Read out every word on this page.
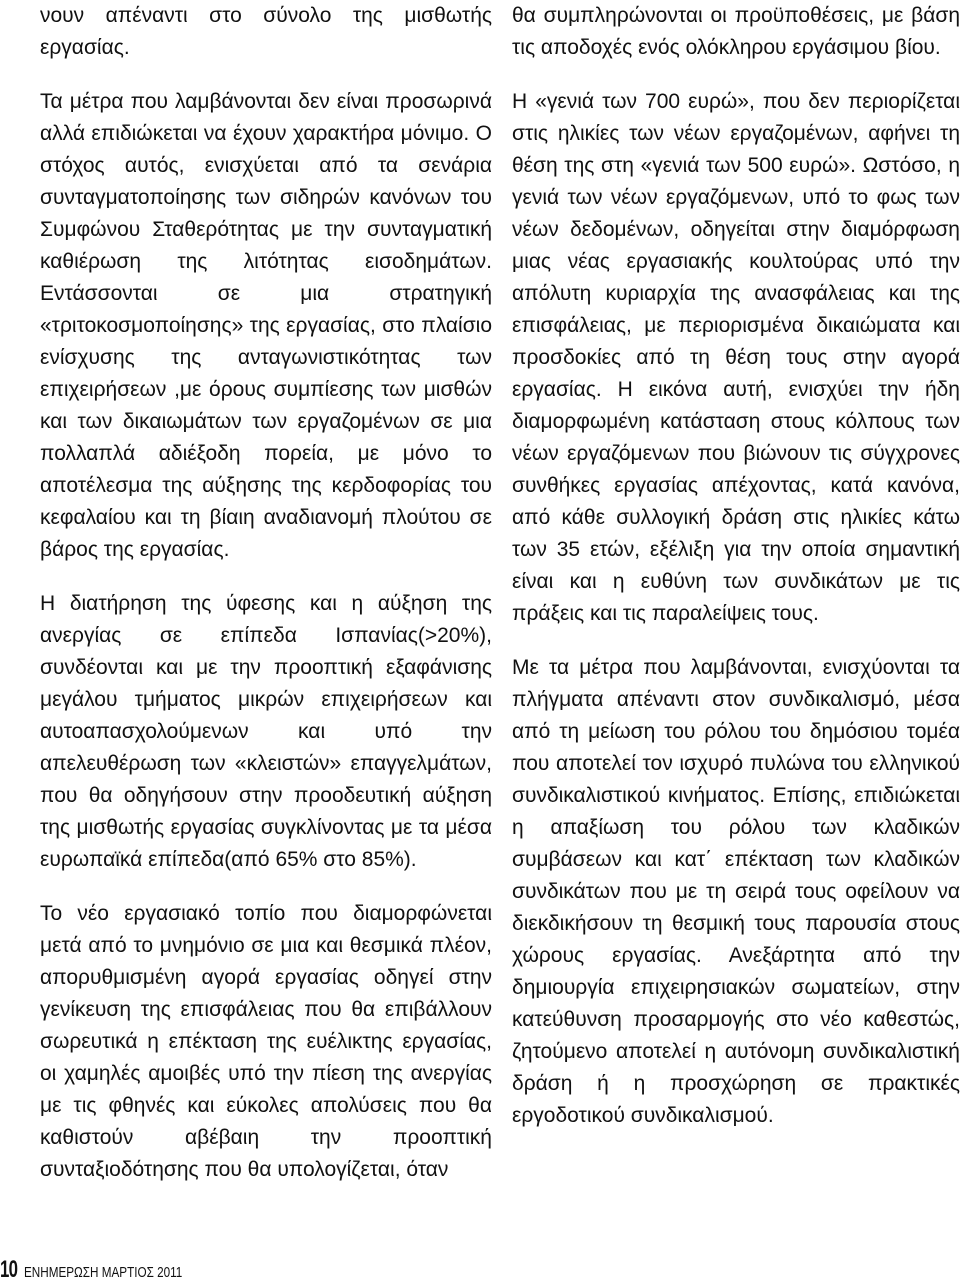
νουν απέναντι στο σύνολο της μισθωτής εργασίας.

Τα μέτρα που λαμβάνονται δεν είναι προσωρινά αλλά επιδιώκεται να έχουν χαρακτήρα μόνιμο. Ο στόχος αυτός, ενισχύεται από τα σενάρια συνταγματοποίησης των σιδηρών κανόνων του Συμφώνου Σταθερότητας με την συνταγματική καθιέρωση της λιτότητας εισοδημάτων. Εντάσσονται σε μια στρατηγική «τριτοκοσμοποίησης» της εργασίας, στο πλαίσιο ενίσχυσης της ανταγωνιστικότητας των επιχειρήσεων ,με όρους συμπίεσης των μισθών και των δικαιωμάτων των εργαζομένων σε μια πολλαπλά αδιέξοδη πορεία, με μόνο το αποτέλεσμα της αύξησης της κερδοφορίας του κεφαλαίου και τη βίαιη αναδιανομή πλούτου σε βάρος της εργασίας.

Η διατήρηση της ύφεσης και η αύξηση της ανεργίας σε επίπεδα Ισπανίας(>20%), συνδέονται και με την προοπτική εξαφάνισης μεγάλου τμήματος μικρών επιχειρήσεων και αυτοαπασχολούμενων και υπό την απελευθέρωση των «κλειστών» επαγγελμάτων, που θα οδηγήσουν στην προοδευτική αύξηση της μισθωτής εργασίας συγκλίνοντας με τα μέσα ευρωπαϊκά επίπεδα(από 65% στο 85%).

Το νέο εργασιακό τοπίο που διαμορφώνεται μετά από το μνημόνιο σε μια και θεσμικά πλέον, απορυθμισμένη αγορά εργασίας οδηγεί στην γενίκευση της επισφάλειας που θα επιβάλλουν σωρευτικά η επέκταση της ευέλικτης εργασίας, οι χαμηλές αμοιβές υπό την πίεση της ανεργίας με τις φθηνές και εύκολες απολύσεις που θα καθιστούν αβέβαιη την προοπτική συνταξιοδότησης που θα υπολογίζεται, όταν

θα συμπληρώνονται οι προϋποθέσεις, με βάση τις αποδοχές ενός ολόκληρου εργάσιμου βίου.

Η «γενιά των 700 ευρώ», που δεν περιορίζεται στις ηλικίες των νέων εργαζομένων, αφήνει τη θέση της στη «γενιά των 500 ευρώ». Ωστόσο, η γενιά των νέων εργαζόμενων, υπό το φως των νέων δεδομένων, οδηγείται στην διαμόρφωση μιας νέας εργασιακής κουλτούρας υπό την απόλυτη κυριαρχία της ανασφάλειας και της επισφάλειας, με περιορισμένα δικαιώματα και προσδοκίες από τη θέση τους στην αγορά εργασίας. Η εικόνα αυτή, ενισχύει την ήδη διαμορφωμένη κατάσταση στους κόλπους των νέων εργαζόμενων που βιώνουν τις σύγχρονες συνθήκες εργασίας απέχοντας, κατά κανόνα, από κάθε συλλογική δράση στις ηλικίες κάτω των 35 ετών, εξέλιξη για την οποία σημαντική είναι και η ευθύνη των συνδικάτων με τις πράξεις και τις παραλείψεις τους.

Με τα μέτρα που λαμβάνονται, ενισχύονται τα πλήγματα απέναντι στον συνδικαλισμό, μέσα από τη μείωση του ρόλου του δημόσιου τομέα που αποτελεί τον ισχυρό πυλώνα του ελληνικού συνδικαλιστικού κινήματος. Επίσης, επιδιώκεται η απαξίωση του ρόλου των κλαδικών συμβάσεων και κατ΄ επέκταση των κλαδικών συνδικάτων που με τη σειρά τους οφείλουν να διεκδικήσουν τη θεσμική τους παρουσία στους χώρους εργασίας. Ανεξάρτητα από την δημιουργία επιχειρησιακών σωματείων, στην κατεύθυνση προσαρμογής στο νέο καθεστώς, ζητούμενο αποτελεί η αυτόνομη συνδικαλιστική δράση ή η προσχώρηση σε πρακτικές εργοδοτικού συνδικαλισμού.

10 ΕΝΗΜΕΡΩΣΗ ΜΑΡΤΙΟΣ 2011
